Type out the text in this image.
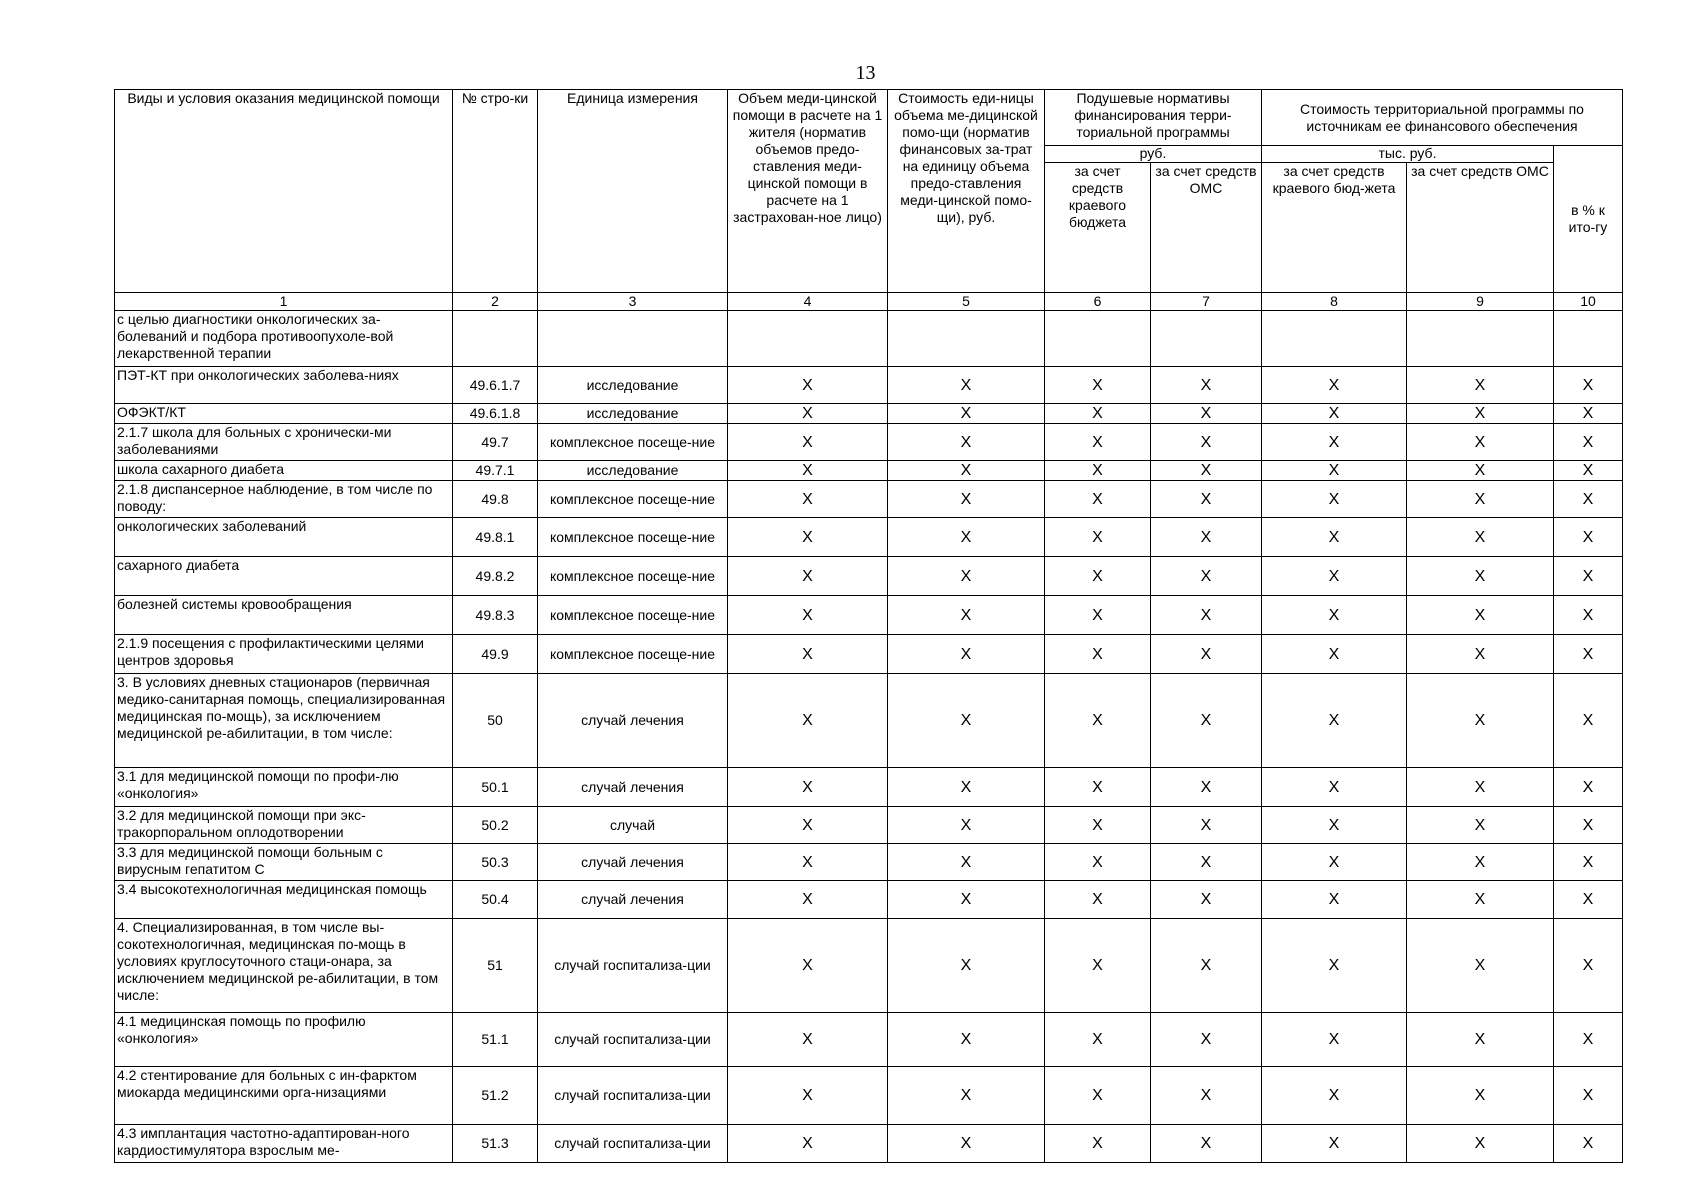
13
Виды и условия оказания медицинской помощи	№ стро-ки	Единица измерения	Объем меди-цинской помощи в расчете на 1 жителя (норматив объемов предо-ставления меди-цинской помощи в расчете на 1 застрахован-ное лицо)	Стоимость еди-ницы объема ме-дицинской помо-щи (норматив финансовых за-трат на единицу объема предо-ставления меди-цинской помо-щи), руб.	Подушевые нормативы финансирования терри-ториальной программы		Стоимость территориальной программы по источникам ее финансового обеспечения		
					руб.		тыс. руб.		в % к ито-гу
					за счет средств краевого бюджета	за счет средств ОМС	за счет средств краевого бюд-жета	за счет средств ОМС	
1	2	3	4	5	6	7	8	9	10
с целью диагностики онкологических за-болеваний и подбора противоопухоле-вой лекарственной терапии									
ПЭТ-КТ при онкологических заболева-ниях	49.6.1.7	исследование	X	X	X	X	X	X	X
ОФЭКТ/КТ	49.6.1.8	исследование	X	X	X	X	X	X	X
2.1.7 школа для больных с хронически-ми заболеваниями	49.7	комплексное посеще-ние	X	X	X	X	X	X	X
школа сахарного диабета	49.7.1	исследование	X	X	X	X	X	X	X
2.1.8 диспансерное наблюдение, в том числе по поводу:	49.8	комплексное посеще-ние	X	X	X	X	X	X	X
онкологических заболеваний	49.8.1	комплексное посеще-ние	X	X	X	X	X	X	X
сахарного диабета	49.8.2	комплексное посеще-ние	X	X	X	X	X	X	X
болезней системы кровообращения	49.8.3	комплексное посеще-ние	X	X	X	X	X	X	X
2.1.9 посещения с профилактическими целями центров здоровья	49.9	комплексное посеще-ние	X	X	X	X	X	X	X
3. В условиях дневных стационаров (первичная медико-санитарная помощь, специализированная медицинская по-мощь), за исключением медицинской ре-абилитации, в том числе:	50	случай лечения	X	X	X	X	X	X	X
3.1 для медицинской помощи по профи-лю «онкология»	50.1	случай лечения	X	X	X	X	X	X	X
3.2 для медицинской помощи при экс-тракорпоральном оплодотворении	50.2	случай	X	X	X	X	X	X	X
3.3 для медицинской помощи больным с вирусным гепатитом С	50.3	случай лечения	X	X	X	X	X	X	X
3.4 высокотехнологичная медицинская помощь	50.4	случай лечения	X	X	X	X	X	X	X
4. Специализированная, в том числе вы-сокотехнологичная, медицинская по-мощь в условиях круглосуточного стаци-онара, за исключением медицинской ре-абилитации, в том числе:	51	случай госпитализа-ции	X	X	X	X	X	X	X
4.1 медицинская помощь по профилю «онкология»	51.1	случай госпитализа-ции	X	X	X	X	X	X	X
4.2 стентирование для больных с ин-фарктом миокарда медицинскими орга-низациями	51.2	случай госпитализа-ции	X	X	X	X	X	X	X
4.3 имплантация частотно-адаптирован-ного кардиостимулятора взрослым ме-	51.3	случай госпитализа-ции	X	X	X	X	X	X	X
